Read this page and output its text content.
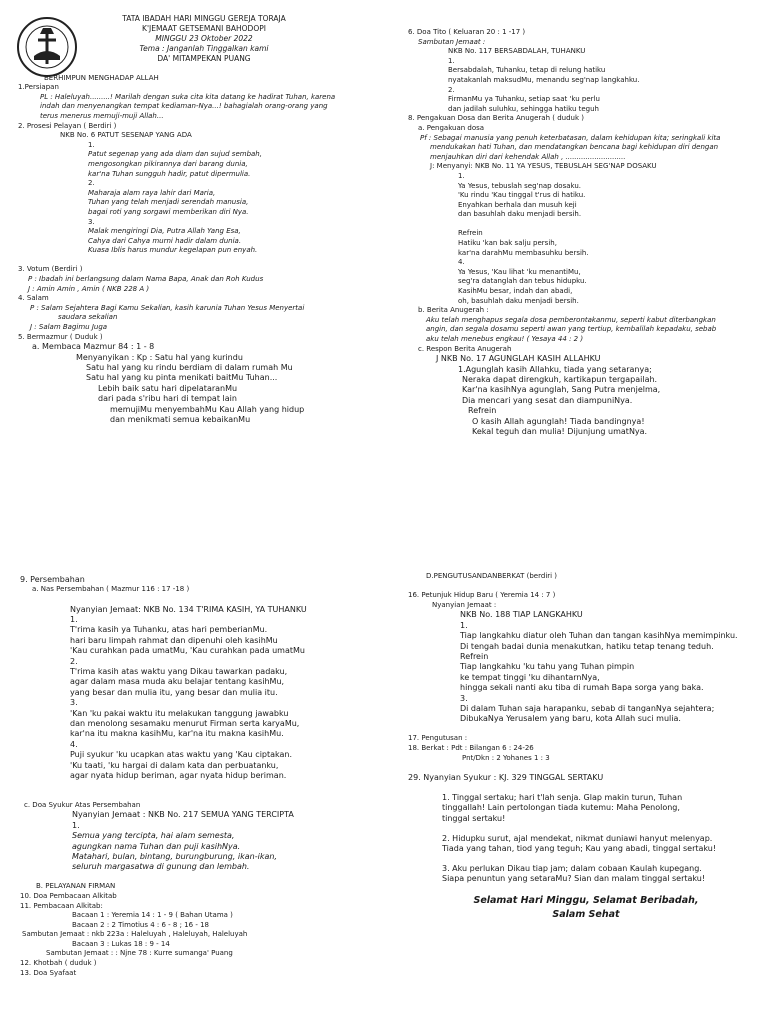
TATA IBADAH HARI MINGGU GEREJA TORAJA
K'JEMAAT GETSEMANI BAHODOPI
MINGGU 23 Oktober 2022
Tema : Janganlah Tinggalkan kami
DA' MITAMPEKAN PUANG

BERHIMPUN MENGHADAP ALLAH
1.Persiapan
PL : Haleluyah.........! Marilah dengan suka cita kita datang ke hadirat Tuhan, karena
indah dan menyenangkan tempat kediaman-Nya...! bahagialah orang-orang yang
terus menerus memuji-muji Allah...
2. Prosesi Pelayan ( Berdiri )
NKB No. 6 PATUT SESENAP YANG ADA
1.
Patut segenap yang ada diam dan sujud sembah,
mengosongkan pikirannya dari barang dunia,
kar'na Tuhan sungguh hadir, patut dipermulia.
2.
Maharaja alam raya lahir dari Maria,
Tuhan yang telah menjadi serendah manusia,
bagai roti yang sorgawi memberikan diri Nya.
3.
Malak mengiringi Dia, Putra Allah Yang Esa,
Cahya dari Cahya murni hadir dalam dunia.
Kuasa Iblis harus mundur kegelapan pun enyah.

3. Votum (Berdiri )
P : Ibadah ini berlangsung dalam Nama Bapa, Anak dan Roh Kudus
J : Amin Amin , Amin ( NKB 228 A )
4. Salam
P : Salam Sejahtera Bagi Kamu Sekalian, kasih karunia Tuhan Yesus Menyertai
saudara sekalian
J : Salam Bagimu Juga
5. Bermazmur ( Duduk )
a. Membaca Mazmur 84 : 1 - 8
Menyanyikan : Kp : Satu hal yang kurindu
Satu hal yang ku rindu berdiam di dalam rumah Mu
Satu hal yang ku pinta menikati baitMu Tuhan...
Lebih baik satu hari dipelataranMu
dari pada s'ribu hari di tempat lain
memujiMu menyembahMu Kau Allah yang hidup
dan menikmati semua kebaikanMu
6. Doa Tito ( Keluaran 20 : 1 -17 )
Sambutan Jemaat :
NKB No. 117 BERSABDALAH, TUHANKU
1.
Bersabdalah, Tuhanku, tetap di relung hatiku
nyatakanlah maksudMu, menandu seg'nap langkahku.
2.
FirmanMu ya Tuhanku, setiap saat 'ku perlu
dan jadilah suluhku, sehingga hatiku teguh
8. Pengakuan Dosa dan Berita Anugerah ( duduk )
a. Pengakuan dosa
Pf : Sebagai manusia yang penuh keterbatasan, dalam kehidupan kita; seringkali kita
mendukakan hati Tuhan, dan mendatangkan bencana bagi kehidupan diri dengan
menjauhkan diri dari kehendak Allah , ...........................
J: Menyanyi: NKB No. 11 YA YESUS, TEBUSLAH SEG'NAP DOSAKU
1.
Ya Yesus, tebuslah seg'nap dosaku.
'Ku rindu 'Kau tinggal t'rus di hatiku.
Enyahkan berhala dan musuh keji
dan basuhlah daku menjadi bersih.

Refrein
Hatiku 'kan bak salju persih,
kar'na darahMu membasuhku bersih.
4.
Ya Yesus, 'Kau lihat 'ku menantiMu,
seg'ra datanglah dan tebus hidupku.
KasihMu besar, indah dan abadi,
oh, basuhlah daku menjadi bersih.
b. Berita Anugerah :
Aku telah menghapus segala dosa pemberontakanmu, seperti kabut diterbangkan
angin, dan segala dosamu seperti awan yang tertiup, kembalilah kepadaku, sebab
aku telah menebus engkau! ( Yesaya 44 : 2 )
c. Respon Berita Anugerah
J NKB No. 17 AGUNGLAH KASIH ALLAHKU
1.Agunglah kasih Allahku, tiada yang setaranya;
Neraka dapat direngkuh, kartikapun tergapailah.
Kar'na kasihNya agunglah, Sang Putra menjelma,
Dia mencari yang sesat dan diampuniNya.
Refrein
O kasih Allah agunglah! Tiada bandingnya!
Kekal teguh dan mulia! Dijunjung umatNya.
9. Persembahan
a. Nas Persembahan ( Mazmur 116 : 17 -18 )

Nyanyian Jemaat: NKB No. 134 T'RIMA KASIH, YA TUHANKU
1.
T'rima kasih ya Tuhanku, atas hari pemberianMu.
hari baru limpah rahmat dan dipenuhi oleh kasihMu
'Kau curahkan pada umatMu, 'Kau curahkan pada umatMu
2.
T'rima kasih atas waktu yang Dikau tawarkan padaku,
agar dalam masa muda aku belajar tentang kasihMu,
yang besar dan mulia itu, yang besar dan mulia itu.
3.
'Kan 'ku pakai waktu itu melakukan tanggung jawabku
dan menolong sesamaku menurut Firman serta karyaMu,
kar'na itu makna kasihMu, kar'na itu makna kasihMu.
4.
Puji syukur 'ku ucapkan atas waktu yang 'Kau ciptakan.
'Ku taati, 'ku hargai di dalam kata dan perbuatanku,
agar nyata hidup beriman, agar nyata hidup beriman.

c. Doa Syukur Atas Persembahan
Nyanyian Jemaat : NKB No. 217 SEMUA YANG TERCIPTA
1.
Semua yang tercipta, hai alam semesta,
agungkan nama Tuhan dan puji kasihNya.
Matahari, bulan, bintang, burungburung, ikan-ikan,
seluruh margasatwa di gunung dan lembah.

B. PELAYANAN FIRMAN
10. Doa Pembacaan Alkitab
11. Pembacaan Alkitab:
Bacaan 1 : Yeremia 14 : 1 - 9 ( Bahan Utama )
Bacaan 2 : 2 Timotius 4 : 6 - 8 ; 16 - 18
Sambutan Jemaat : nkb 223a : Haleluyah , Haleluyah, Haleluyah
Bacaan 3 : Lukas 18 : 9 - 14
Sambutan Jemaat : : Njne 78 : Kurre sumanga' Puang
12. Khotbah ( duduk )
13. Doa Syafaat
D.PENGUTUSANDANBERKAT (berdiri )

16. Petunjuk Hidup Baru ( Yeremia 14 : 7 )
Nyanyian Jemaat :
NKB No. 188 TIAP LANGKAHKU
1.
Tiap langkahku diatur oleh Tuhan dan tangan kasihNya memimpinku.
Di tengah badai dunia menakutkan, hatiku tetap tenang teduh.
Refrein
Tiap langkahku 'ku tahu yang Tuhan pimpin
ke tempat tinggi 'ku dihantarnNya,
hingga sekali nanti aku tiba di rumah Bapa sorga yang baka.
3.
Di dalam Tuhan saja harapanku, sebab di tanganNya sejahtera;
DibukaNya Yerusalem yang baru, kota Allah suci mulia.

17. Pengutusan :
18. Berkat : Pdt : Bilangan 6 : 24-26
Pnt/Dkn : 2 Yohanes 1 : 3

29. Nyanyian Syukur : KJ. 329 TINGGAL SERTAKU

1. Tinggal sertaku; hari t'lah senja. Glap makin turun, Tuhan
tinggallah! Lain pertolongan tiada kutemu: Maha Penolong,
tinggal sertaku!

2. Hidupku surut, ajal mendekat, nikmat duniawi hanyut melenyap.
Tiada yang tahan, tiod yang teguh; Kau yang abadi, tinggal sertaku!

3. Aku perlukan Dikau tiap jam; dalam cobaan Kaulah kupegang.
Siapa penuntun yang setaraMu? Sian dan malam tinggal sertaku!

Selamat Hari Minggu, Selamat Beribadah,
Salam Sehat
